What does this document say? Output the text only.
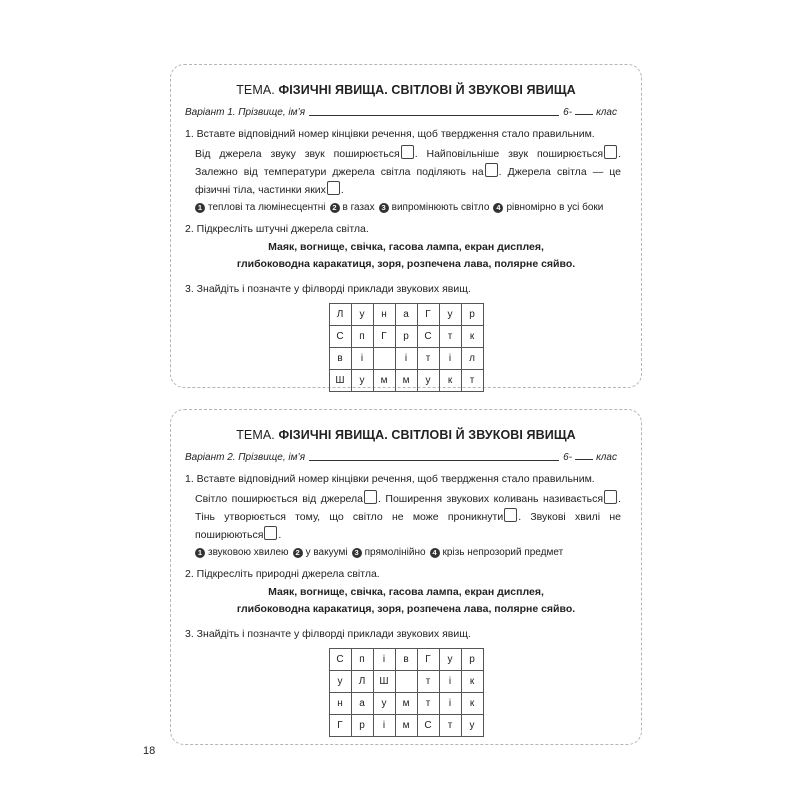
ТЕМА. ФІЗИЧНІ ЯВИЩА. СВІТЛОВІ Й ЗВУКОВІ ЯВИЩА
Варіант 1. Прізвище, ім’я	6- клас
1. Вставте відповідний номер кінцівки речення, щоб твердження стало правильним.
Від джерела звуку звук поширюється . Найповільніше звук поширюється . Залежно від температури джерела світла поділяють на . Джерела світла — це фізичні тіла, частинки яких .
1 теплові та люмінесцентні 2 в газах 3 випромінюють світло 4 рівномірно в усі боки
2. Підкресліть штучні джерела світла.
Маяк, вогнище, свічка, гасова лампа, екран дисплея,
глибоководна каракатиця, зоря, розпечена лава, полярне сяйво.
3. Знайдіть і позначте у філворді приклади звукових явищ.
Л	у	н	а	Г	у	р
С	п	Г	р	С	т	к
в	і		і	т	і	л
Ш	у	м	м	у	к	т
ТЕМА. ФІЗИЧНІ ЯВИЩА. СВІТЛОВІ Й ЗВУКОВІ ЯВИЩА
Варіант 2. Прізвище, ім’я	6- клас
1. Вставте відповідний номер кінцівки речення, щоб твердження стало правильним.
Світло поширюється від джерела . Поширення звукових коливань називається . Тінь утворюється тому, що світло не може проникнути . Звукові хвилі не поширюються .
1 звуковою хвилею 2 у вакуумі 3 прямолінійно 4 крізь непрозорий предмет
2. Підкресліть природні джерела світла.
Маяк, вогнище, свічка, гасова лампа, екран дисплея,
глибоководна каракатиця, зоря, розпечена лава, полярне сяйво.
3. Знайдіть і позначте у філворді приклади звукових явищ.
С	п	і	в	Г	у	р
у	Л	Ш		т	і	к
н	а	у	м	т	і	к
Г	р	і	м	С	т	у
18
